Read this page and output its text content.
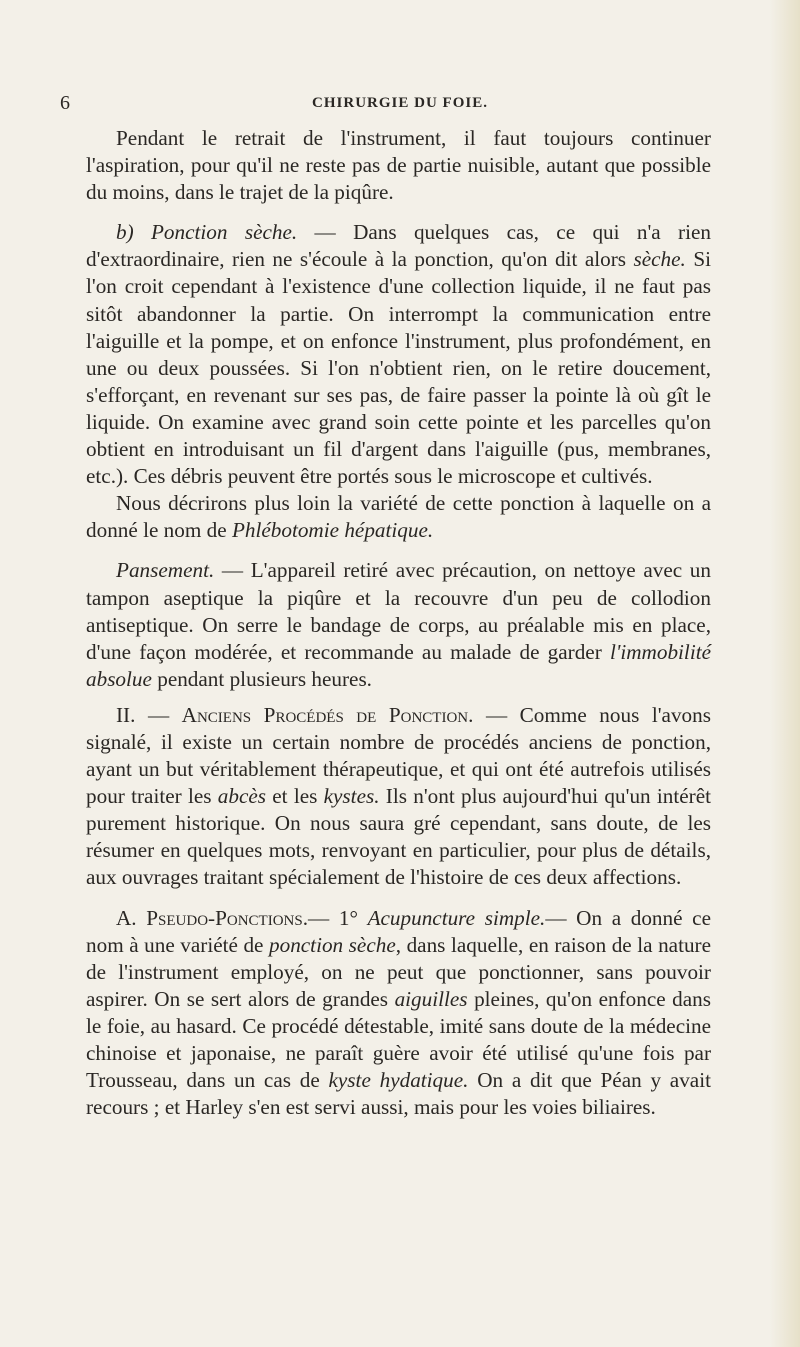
6	CHIRURGIE DU FOIE.

Pendant le retrait de l'instrument, il faut toujours continuer l'aspiration, pour qu'il ne reste pas de partie nuisible, autant que possible du moins, dans le trajet de la piqûre.

b) Ponction sèche. — Dans quelques cas, ce qui n'a rien d'extraordinaire, rien ne s'écoule à la ponction, qu'on dit alors sèche. Si l'on croit cependant à l'existence d'une collection liquide, il ne faut pas sitôt abandonner la partie. On interrompt la communication entre l'aiguille et la pompe, et on enfonce l'instrument, plus profondément, en une ou deux poussées. Si l'on n'obtient rien, on le retire doucement, s'efforçant, en revenant sur ses pas, de faire passer la pointe là où gît le liquide. On examine avec grand soin cette pointe et les parcelles qu'on obtient en introduisant un fil d'argent dans l'aiguille (pus, membranes, etc.). Ces débris peuvent être portés sous le microscope et cultivés.

Nous décrirons plus loin la variété de cette ponction à laquelle on a donné le nom de Phlébotomie hépatique.

Pansement. — L'appareil retiré avec précaution, on nettoye avec un tampon aseptique la piqûre et la recouvre d'un peu de collodion antiseptique. On serre le bandage de corps, au préalable mis en place, d'une façon modérée, et recommande au malade de garder l'immobilité absolue pendant plusieurs heures.

II. — Anciens Procédés de Ponction. — Comme nous l'avons signalé, il existe un certain nombre de procédés anciens de ponction, ayant un but véritablement thérapeutique, et qui ont été autrefois utilisés pour traiter les abcès et les kystes. Ils n'ont plus aujourd'hui qu'un intérêt purement historique. On nous saura gré cependant, sans doute, de les résumer en quelques mots, renvoyant en particulier, pour plus de détails, aux ouvrages traitant spécialement de l'histoire de ces deux affections.

A. Pseudo-Ponctions.— 1° Acupuncture simple.— On a donné ce nom à une variété de ponction sèche, dans laquelle, en raison de la nature de l'instrument employé, on ne peut que ponctionner, sans pouvoir aspirer. On se sert alors de grandes aiguilles pleines, qu'on enfonce dans le foie, au hasard. Ce procédé détestable, imité sans doute de la médecine chinoise et japonaise, ne paraît guère avoir été utilisé qu'une fois par Trousseau, dans un cas de kyste hydatique. On a dit que Péan y avait recours ; et Harley s'en est servi aussi, mais pour les voies biliaires.
